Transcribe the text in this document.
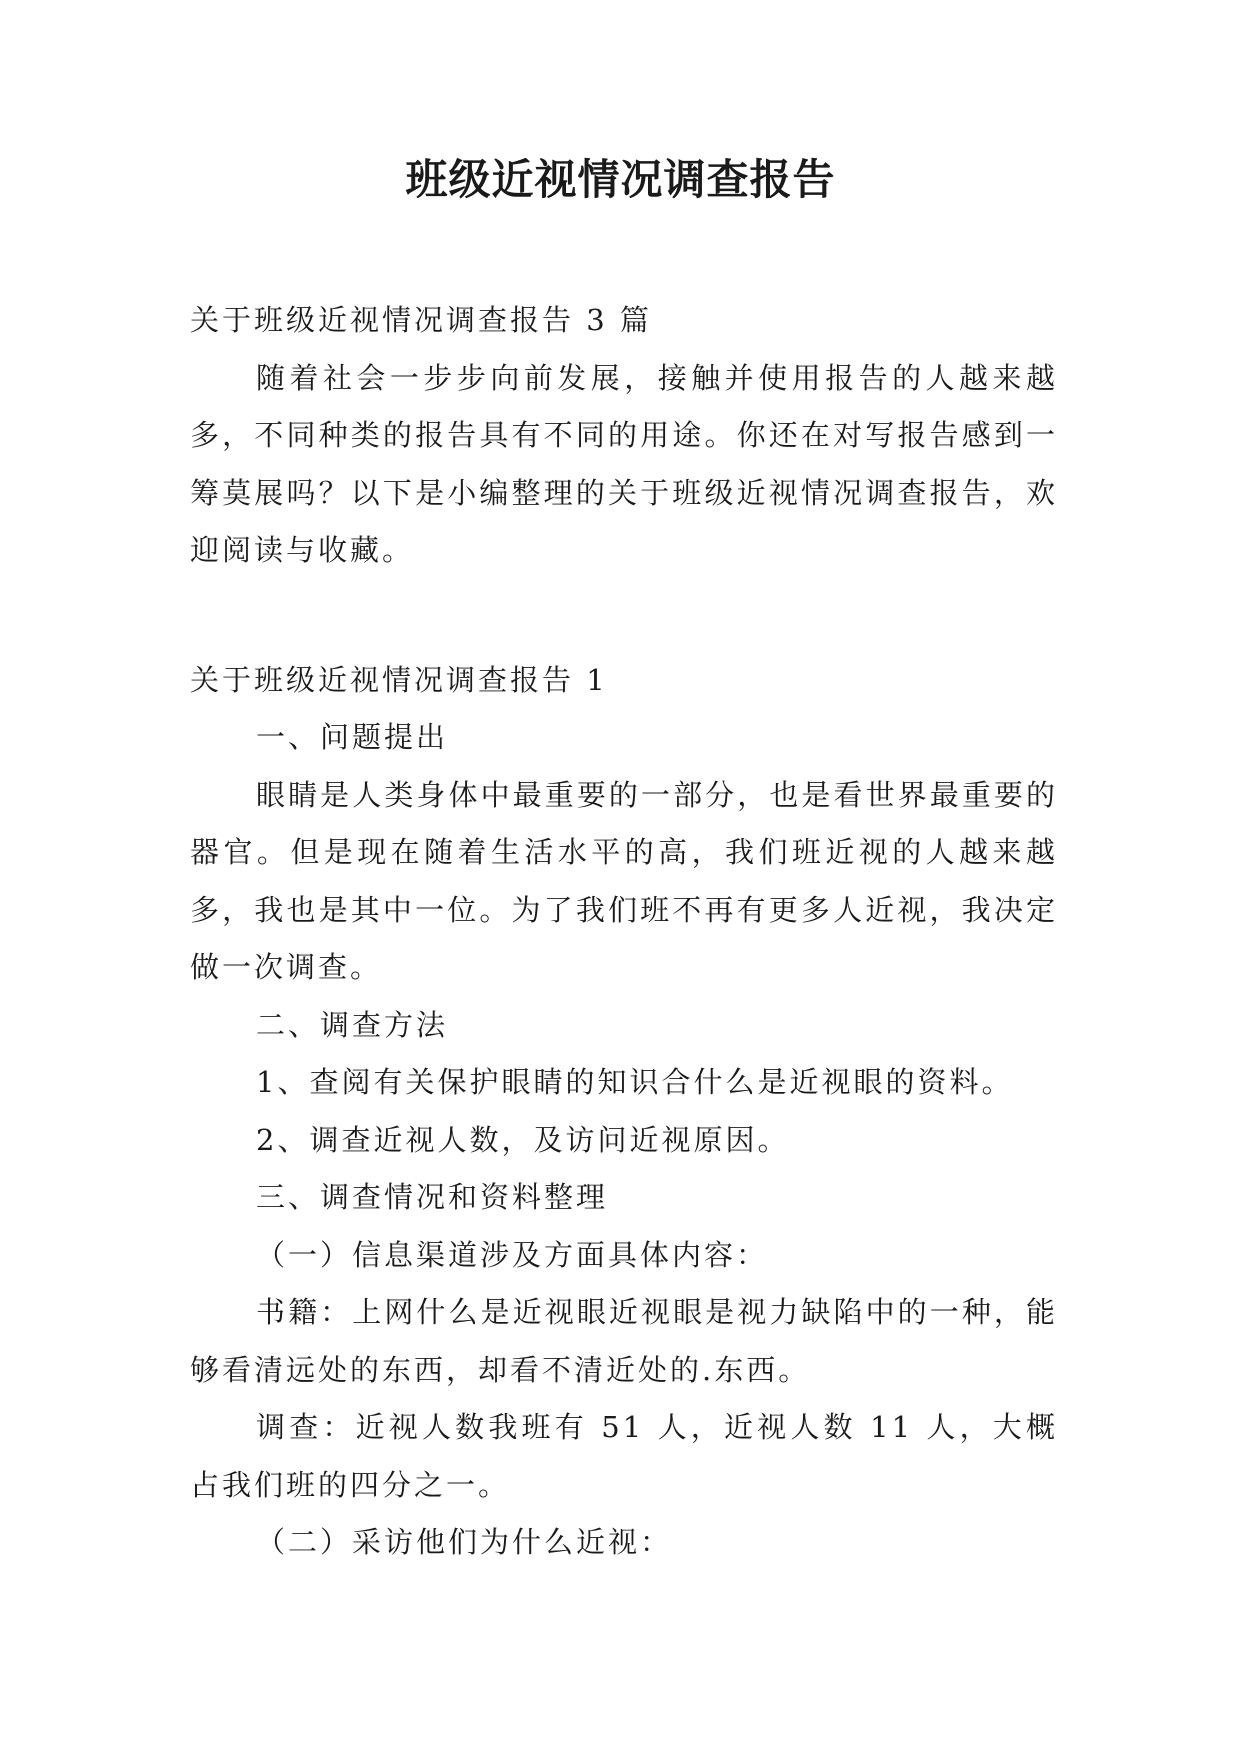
班级近视情况调查报告

关于班级近视情况调查报告 3 篇

随着社会一步步向前发展，接触并使用报告的人越来越多，不同种类的报告具有不同的用途。你还在对写报告感到一筹莫展吗？以下是小编整理的关于班级近视情况调查报告，欢迎阅读与收藏。

关于班级近视情况调查报告 1

一、问题提出

眼睛是人类身体中最重要的一部分，也是看世界最重要的器官。但是现在随着生活水平的高，我们班近视的人越来越多，我也是其中一位。为了我们班不再有更多人近视，我决定做一次调查。

二、调查方法

1、查阅有关保护眼睛的知识合什么是近视眼的资料。

2、调查近视人数，及访问近视原因。

三、调查情况和资料整理

（一）信息渠道涉及方面具体内容：

书籍：上网什么是近视眼近视眼是视力缺陷中的一种，能够看清远处的东西，却看不清近处的.东西。

调查：近视人数我班有 51 人，近视人数 11 人，大概占我们班的四分之一。

（二）采访他们为什么近视：
